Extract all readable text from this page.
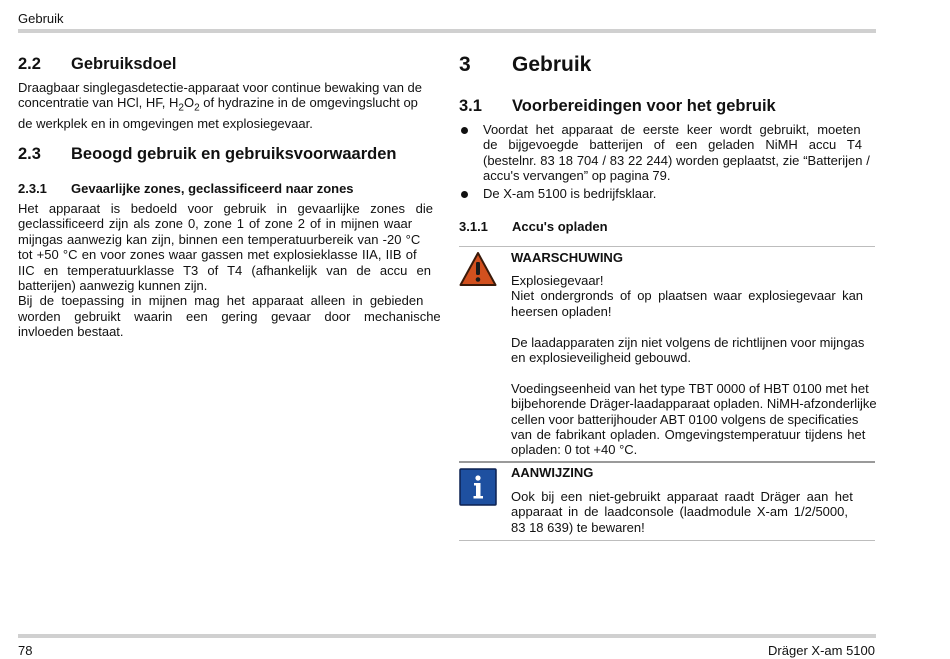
Gebruik
78	Dräger X-am 5100
2.2 Gebruiksdoel
Draagbaar singlegasdetectie-apparaat voor continue bewaking van de
concentratie van HCl, HF, $H_2O_2$ of hydrazine in de omgevingslucht op
de werkplek en in omgevingen met explosiegevaar.
2.3 Beoogd gebruik en gebruiksvoorwaarden
2.3.1 Gevaarlijke zones, geclassificeerd naar zones
Het apparaat is bedoeld voor gebruik in gevaarlijke zones die
geclassificeerd zijn als zone 0, zone 1 of zone 2 of in mijnen waar
mijngas aanwezig kan zijn, binnen een temperatuurbereik van -20 °C
tot +50 °C en voor zones waar gassen met explosieklasse IIA, IIB of
IIC en temperatuurklasse T3 of T4 (afhankelijk van de accu en
batterijen) aanwezig kunnen zijn.
Bij de toepassing in mijnen mag het apparaat alleen in gebieden
worden gebruikt waarin een gering gevaar door mechanische
invloeden bestaat.
3 Gebruik
3.1 Voorbereidingen voor het gebruik
Voordat het apparaat de eerste keer wordt gebruikt, moeten
de bijgevoegde batterijen of een geladen NiMH accu T4
(bestelnr. 83 18 704 / 83 22 244) worden geplaatst, zie “Batterijen /
accu's vervangen” op pagina 79.
De X-am 5100 is bedrijfsklaar.
3.1.1 Accu's opladen
WAARSCHUWING
Explosiegevaar!
Niet ondergronds of op plaatsen waar explosiegevaar kan
heersen opladen!
De laadapparaten zijn niet volgens de richtlijnen voor mijngas
en explosieveiligheid gebouwd.
Voedingseenheid van het type TBT 0000 of HBT 0100 met het
bijbehorende Dräger-laadapparaat opladen. NiMH-afzonderlijke
cellen voor batterijhouder ABT 0100 volgens de specificaties
van de fabrikant opladen. Omgevingstemperatuur tijdens het
opladen: 0 tot +40 °C.
AANWIJZING
Ook bij een niet-gebruikt apparaat raadt Dräger aan het
apparaat in de laadconsole (laadmodule X-am 1/2/5000,
83 18 639) te bewaren!
